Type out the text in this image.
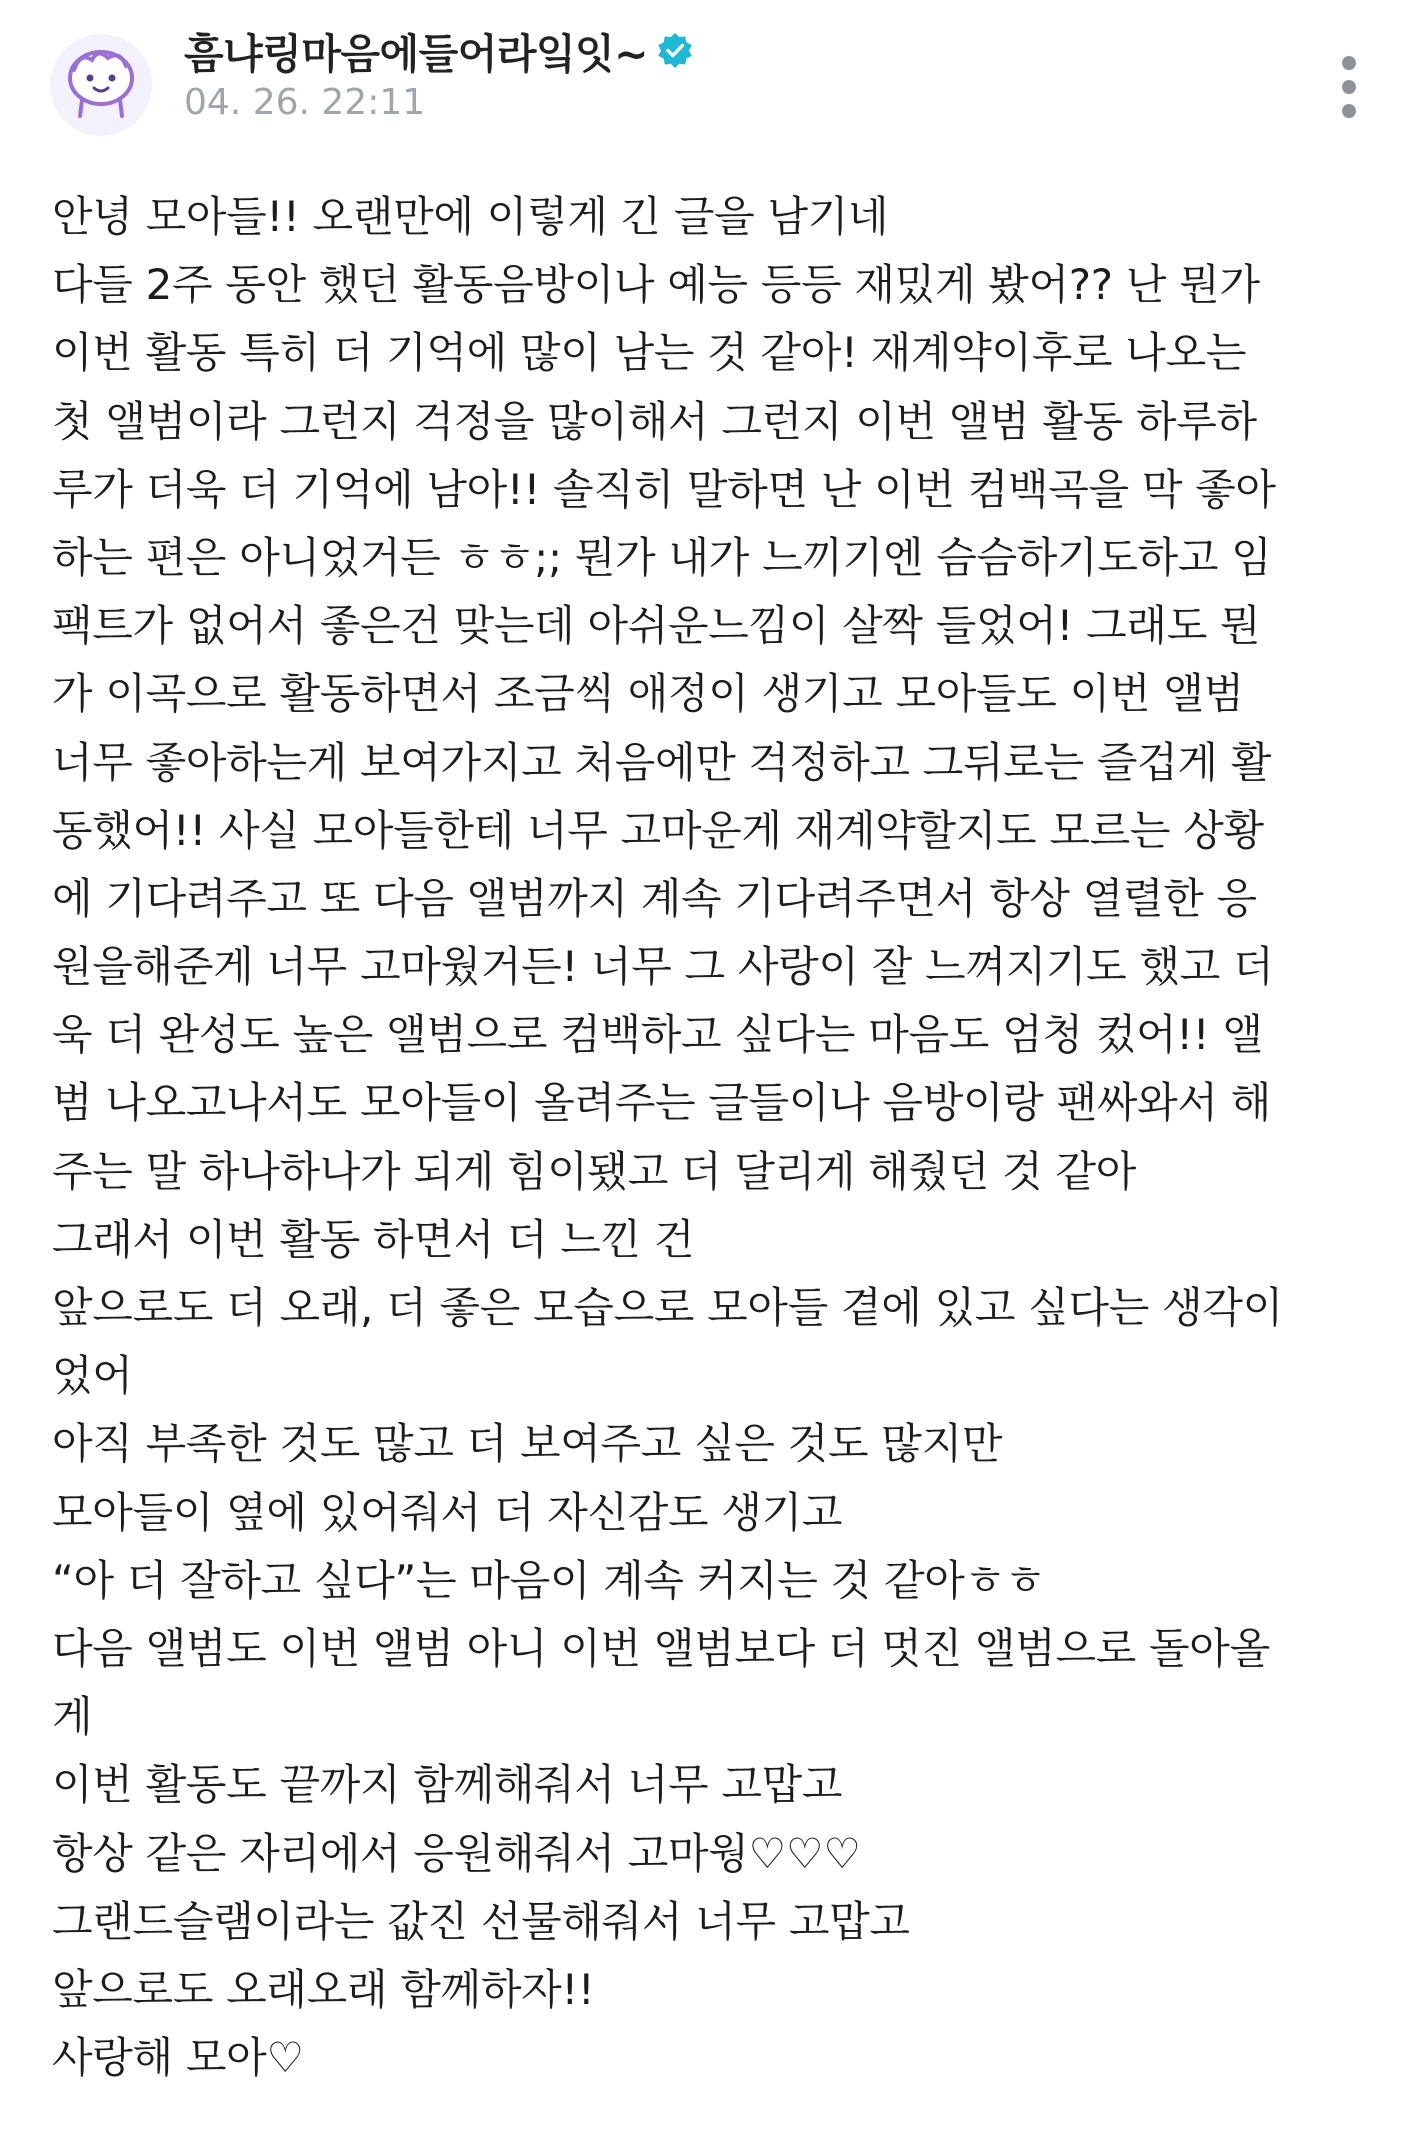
흠냐링마음에들어라잌잇~
04. 26. 22:11
안녕 모아들!! 오랜만에 이렇게 긴 글을 남기네
다들 2주 동안 했던 활동음방이나 예능 등등 재밌게 봤어?? 난 뭔가
이번 활동 특히 더 기억에 많이 남는 것 같아! 재계약이후로 나오는
첫 앨범이라 그런지 걱정을 많이해서 그런지 이번 앨범 활동 하루하
루가 더욱 더 기억에 남아!! 솔직히 말하면 난 이번 컴백곡을 막 좋아
하는 편은 아니었거든 ㅎㅎ;; 뭔가 내가 느끼기엔 슴슴하기도하고 임
팩트가 없어서 좋은건 맞는데 아쉬운느낌이 살짝 들었어! 그래도 뭔
가 이곡으로 활동하면서 조금씩 애정이 생기고 모아들도 이번 앨범
너무 좋아하는게 보여가지고 처음에만 걱정하고 그뒤로는 즐겁게 활
동했어!! 사실 모아들한테 너무 고마운게 재계약할지도 모르는 상황
에 기다려주고 또 다음 앨범까지 계속 기다려주면서 항상 열렬한 응
원을해준게 너무 고마웠거든! 너무 그 사랑이 잘 느껴지기도 했고 더
욱 더 완성도 높은 앨범으로 컴백하고 싶다는 마음도 엄청 컸어!! 앨
범 나오고나서도 모아들이 올려주는 글들이나 음방이랑 팬싸와서 해
주는 말 하나하나가 되게 힘이됐고 더 달리게 해줬던 것 같아
그래서 이번 활동 하면서 더 느낀 건
앞으로도 더 오래, 더 좋은 모습으로 모아들 곁에 있고 싶다는 생각이
었어
아직 부족한 것도 많고 더 보여주고 싶은 것도 많지만
모아들이 옆에 있어줘서 더 자신감도 생기고
“아 더 잘하고 싶다”는 마음이 계속 커지는 것 같아ㅎㅎ
다음 앨범도 이번 앨범 아니 이번 앨범보다 더 멋진 앨범으로 돌아올
게
이번 활동도 끝까지 함께해줘서 너무 고맙고
항상 같은 자리에서 응원해줘서 고마웡♡♡♡
그랜드슬램이라는 값진 선물해줘서 너무 고맙고
앞으로도 오래오래 함께하자!!
사랑해 모아♡
